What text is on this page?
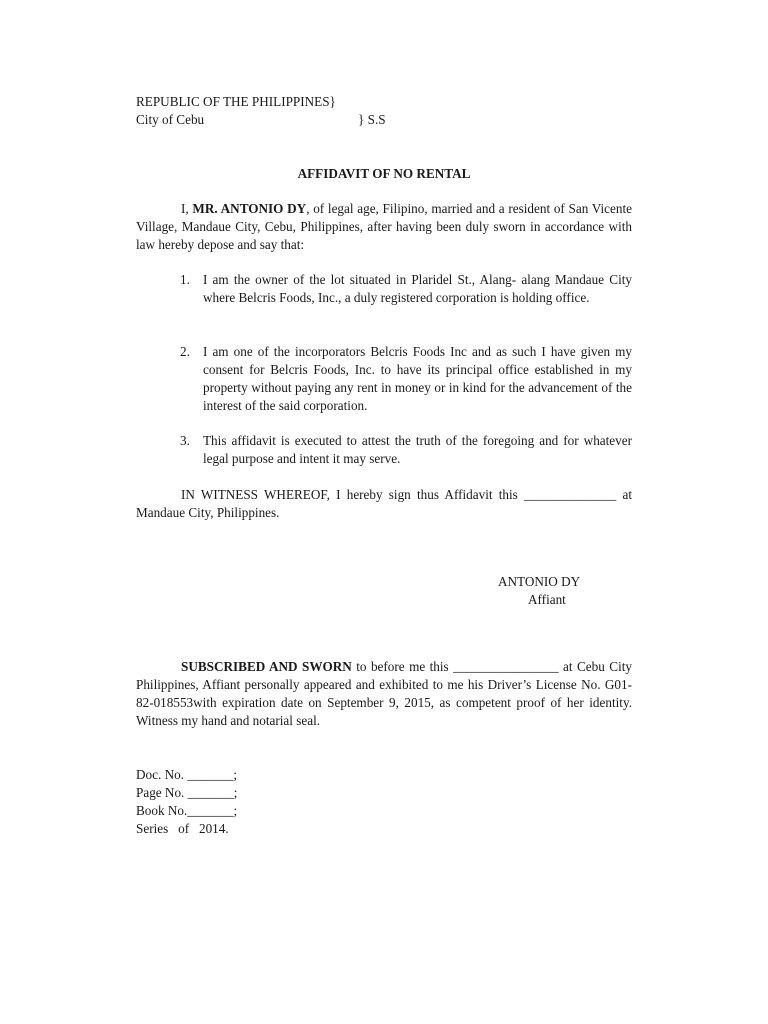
REPUBLIC OF THE PHILIPPINES}
City of Cebu	} S.S
AFFIDAVIT OF NO RENTAL
I, MR. ANTONIO DY, of legal age, Filipino, married and a resident of San Vicente Village, Mandaue City, Cebu, Philippines, after having been duly sworn in accordance with law hereby depose and say that:
1. I am the owner of the lot situated in Plaridel St., Alang- alang Mandaue City where Belcris Foods, Inc., a duly registered corporation is holding office.
2. I am one of the incorporators Belcris Foods Inc and as such I have given my consent for Belcris Foods, Inc. to have its principal office established in my property without paying any rent in money or in kind for the advancement of the interest of the said corporation.
3. This affidavit is executed to attest the truth of the foregoing and for whatever legal purpose and intent it may serve.
IN WITNESS WHEREOF, I hereby sign thus Affidavit this ______________ at Mandaue City, Philippines.
ANTONIO DY
Affiant
SUBSCRIBED AND SWORN to before me this ________________ at Cebu City Philippines, Affiant personally appeared and exhibited to me his Driver’s License No. G01-82-018553with expiration date on September 9, 2015, as competent proof of her identity. Witness my hand and notarial seal.
Doc. No. _______;
Page No. _______;
Book No._______;
Series   of   2014.
